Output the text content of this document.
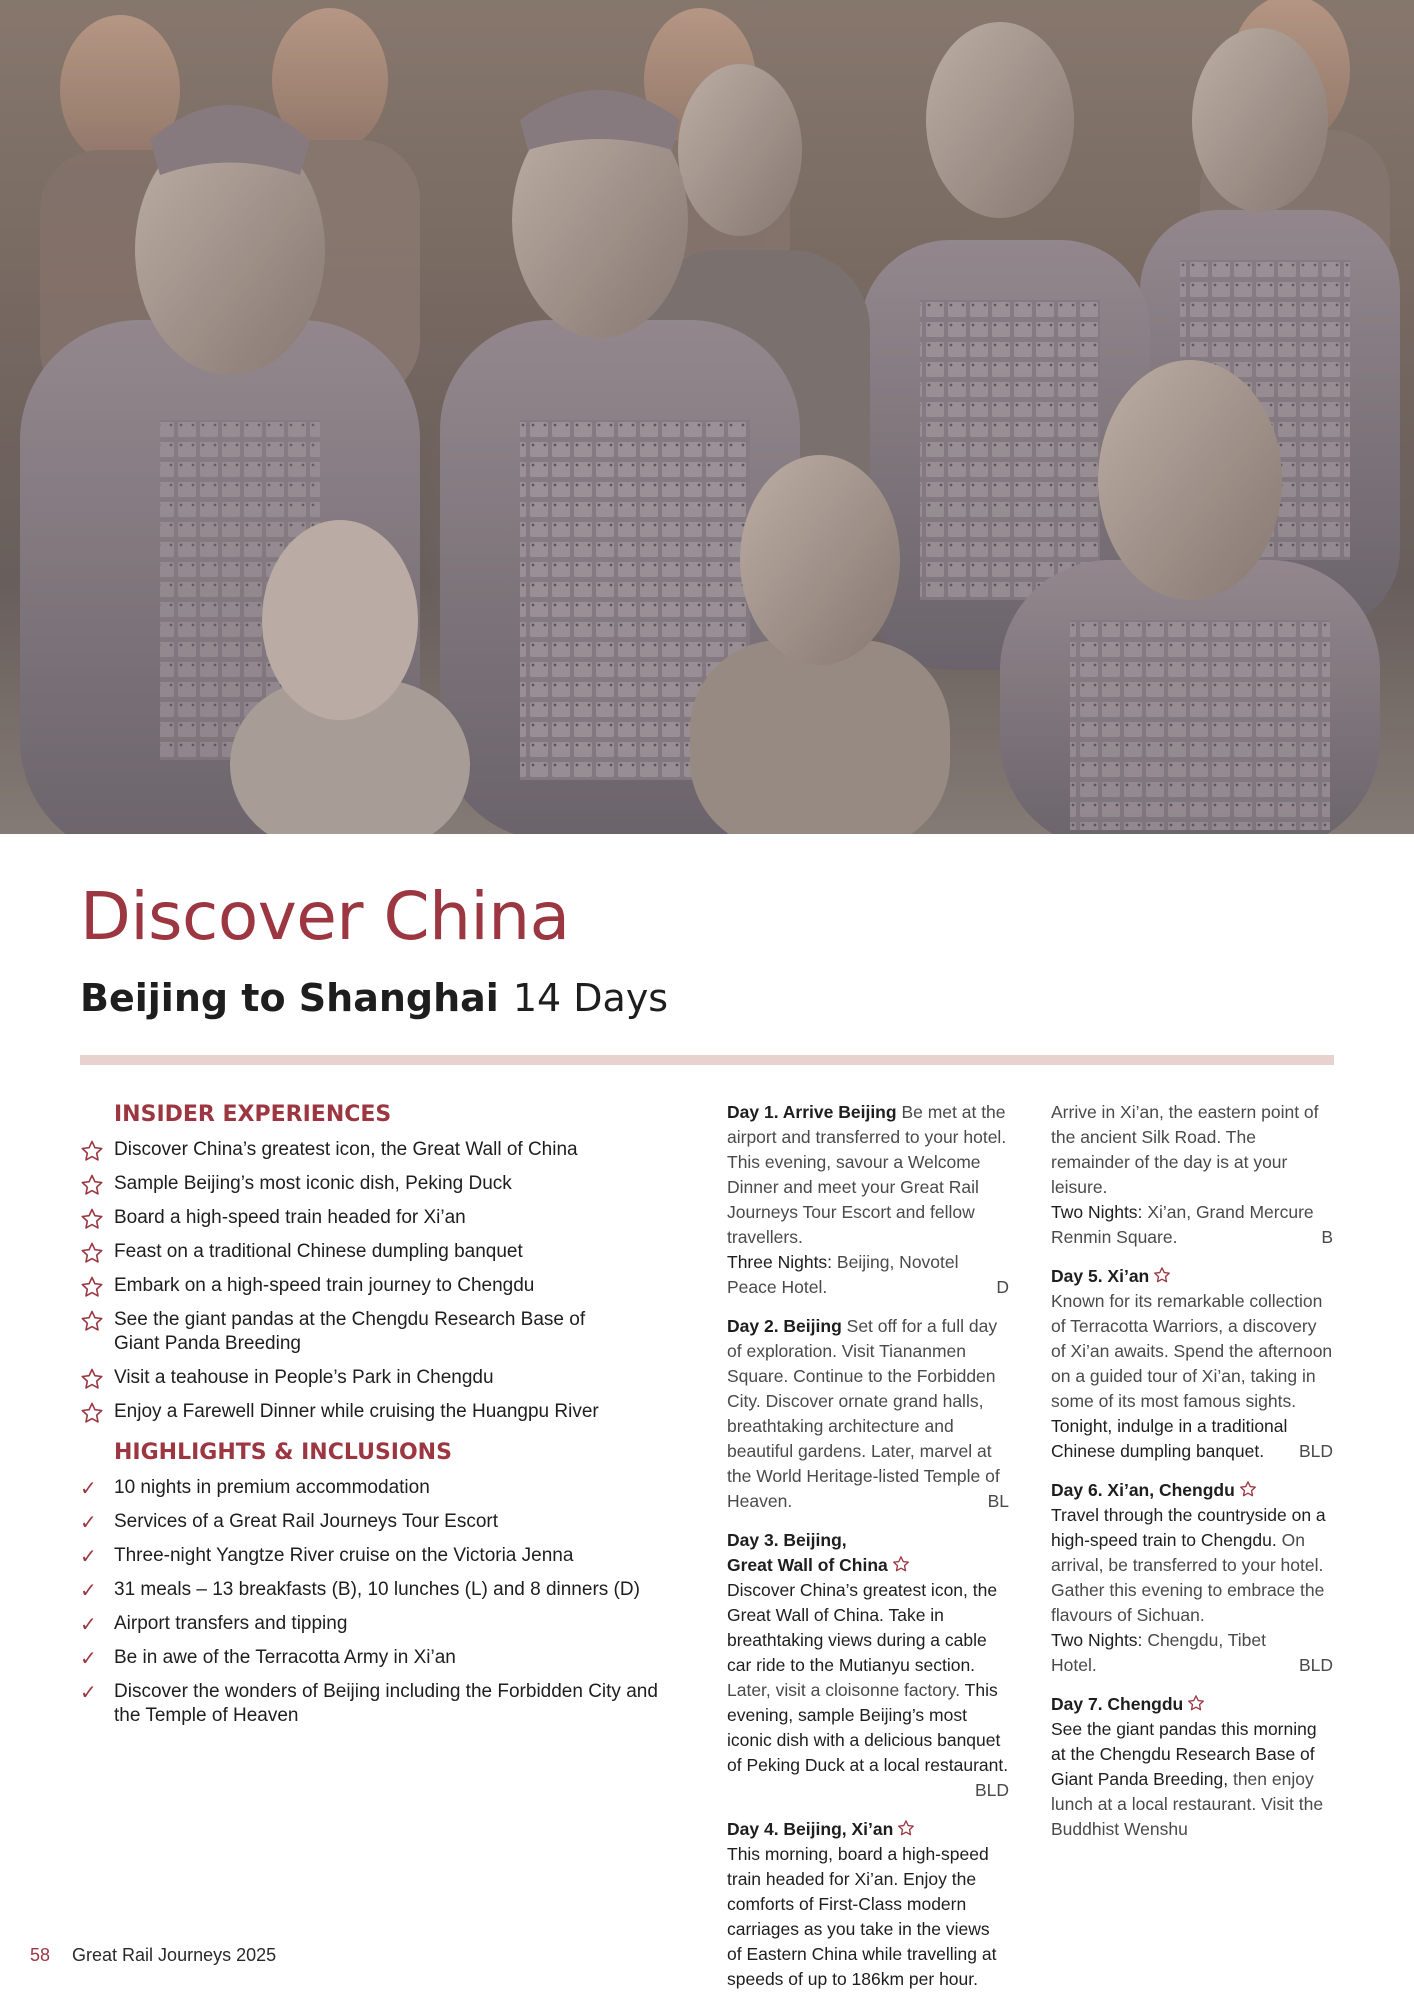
Discover China
Beijing to Shanghai 14 Days
INSIDER EXPERIENCES
Discover China’s greatest icon, the Great Wall of China
Sample Beijing’s most iconic dish, Peking Duck
Board a high-speed train headed for Xi’an
Feast on a traditional Chinese dumpling banquet
Embark on a high-speed train journey to Chengdu
See the giant pandas at the Chengdu Research Base of Giant Panda Breeding
Visit a teahouse in People’s Park in Chengdu
Enjoy a Farewell Dinner while cruising the Huangpu River
HIGHLIGHTS & INCLUSIONS
✓ 10 nights in premium accommodation
✓ Services of a Great Rail Journeys Tour Escort
✓ Three-night Yangtze River cruise on the Victoria Jenna
✓ 31 meals – 13 breakfasts (B), 10 lunches (L) and 8 dinners (D)
✓ Airport transfers and tipping
✓ Be in awe of the Terracotta Army in Xi’an
✓ Discover the wonders of Beijing including the Forbidden City and the Temple of Heaven
Day 1. Arrive Beijing Be met at the airport and transferred to your hotel. This evening, savour a Welcome Dinner and meet your Great Rail Journeys Tour Escort and fellow travellers.
Three Nights: Beijing, Novotel Peace Hotel.	D
Day 2. Beijing Set off for a full day of exploration. Visit Tiananmen Square. Continue to the Forbidden City. Discover ornate grand halls, breathtaking architecture and beautiful gardens. Later, marvel at the World Heritage-listed Temple of Heaven.	BL
Day 3. Beijing,
Great Wall of China
Discover China’s greatest icon, the Great Wall of China. Take in breathtaking views during a cable car ride to the Mutianyu section. Later, visit a cloisonne factory. This evening, sample Beijing’s most iconic dish with a delicious banquet of Peking Duck at a local restaurant.
BLD
Day 4. Beijing, Xi’an
This morning, board a high-speed train headed for Xi’an. Enjoy the comforts of First-Class modern carriages as you take in the views of Eastern China while travelling at speeds of up to 186km per hour.
Arrive in Xi’an, the eastern point of the ancient Silk Road. The remainder of the day is at your leisure.
Two Nights: Xi’an, Grand Mercure Renmin Square.	B
Day 5. Xi’an
Known for its remarkable collection of Terracotta Warriors, a discovery of Xi’an awaits. Spend the afternoon on a guided tour of Xi’an, taking in some of its most famous sights. Tonight, indulge in a traditional Chinese dumpling banquet. BLD
Day 6. Xi’an, Chengdu
Travel through the countryside on a high-speed train to Chengdu. On arrival, be transferred to your hotel. Gather this evening to embrace the flavours of Sichuan.
Two Nights: Chengdu, Tibet Hotel.	BLD
Day 7. Chengdu
See the giant pandas this morning at the Chengdu Research Base of Giant Panda Breeding, then enjoy lunch at a local restaurant. Visit the Buddhist Wenshu
58 Great Rail Journeys 2025
